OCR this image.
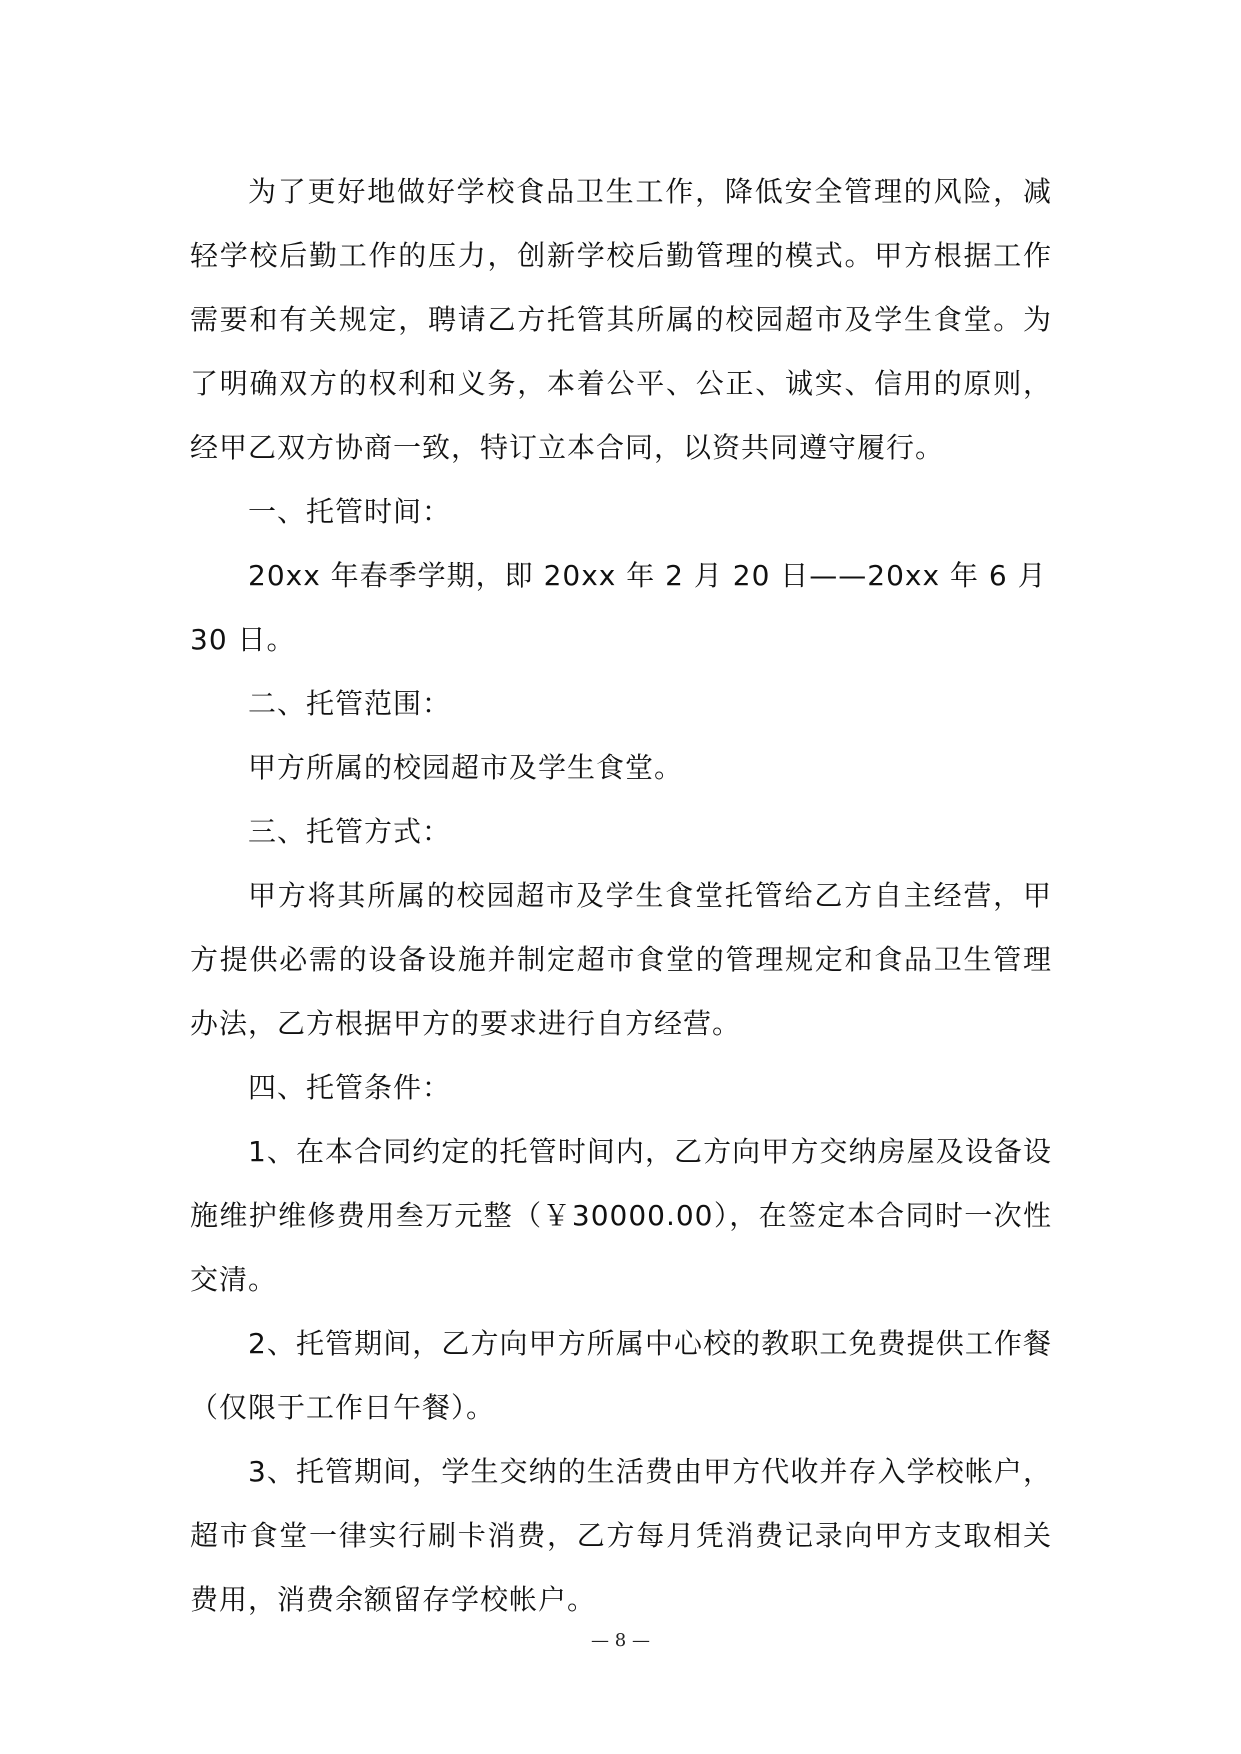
为了更好地做好学校食品卫生工作，降低安全管理的风险，减轻学校后勤工作的压力，创新学校后勤管理的模式。甲方根据工作需要和有关规定，聘请乙方托管其所属的校园超市及学生食堂。为了明确双方的权利和义务，本着公平、公正、诚实、信用的原则，经甲乙双方协商一致，特订立本合同，以资共同遵守履行。

一、托管时间：

20xx 年春季学期，即 20xx 年 2 月 20 日——20xx 年 6 月 30 日。

二、托管范围：

甲方所属的校园超市及学生食堂。

三、托管方式：

甲方将其所属的校园超市及学生食堂托管给乙方自主经营，甲方提供必需的设备设施并制定超市食堂的管理规定和食品卫生管理办法，乙方根据甲方的要求进行自方经营。

四、托管条件：

1、在本合同约定的托管时间内，乙方向甲方交纳房屋及设备设施维护维修费用叁万元整（￥30000.00），在签定本合同时一次性交清。

2、托管期间，乙方向甲方所属中心校的教职工免费提供工作餐（仅限于工作日午餐）。

3、托管期间，学生交纳的生活费由甲方代收并存入学校帐户，超市食堂一律实行刷卡消费，乙方每月凭消费记录向甲方支取相关费用，消费余额留存学校帐户。

— 8 —
